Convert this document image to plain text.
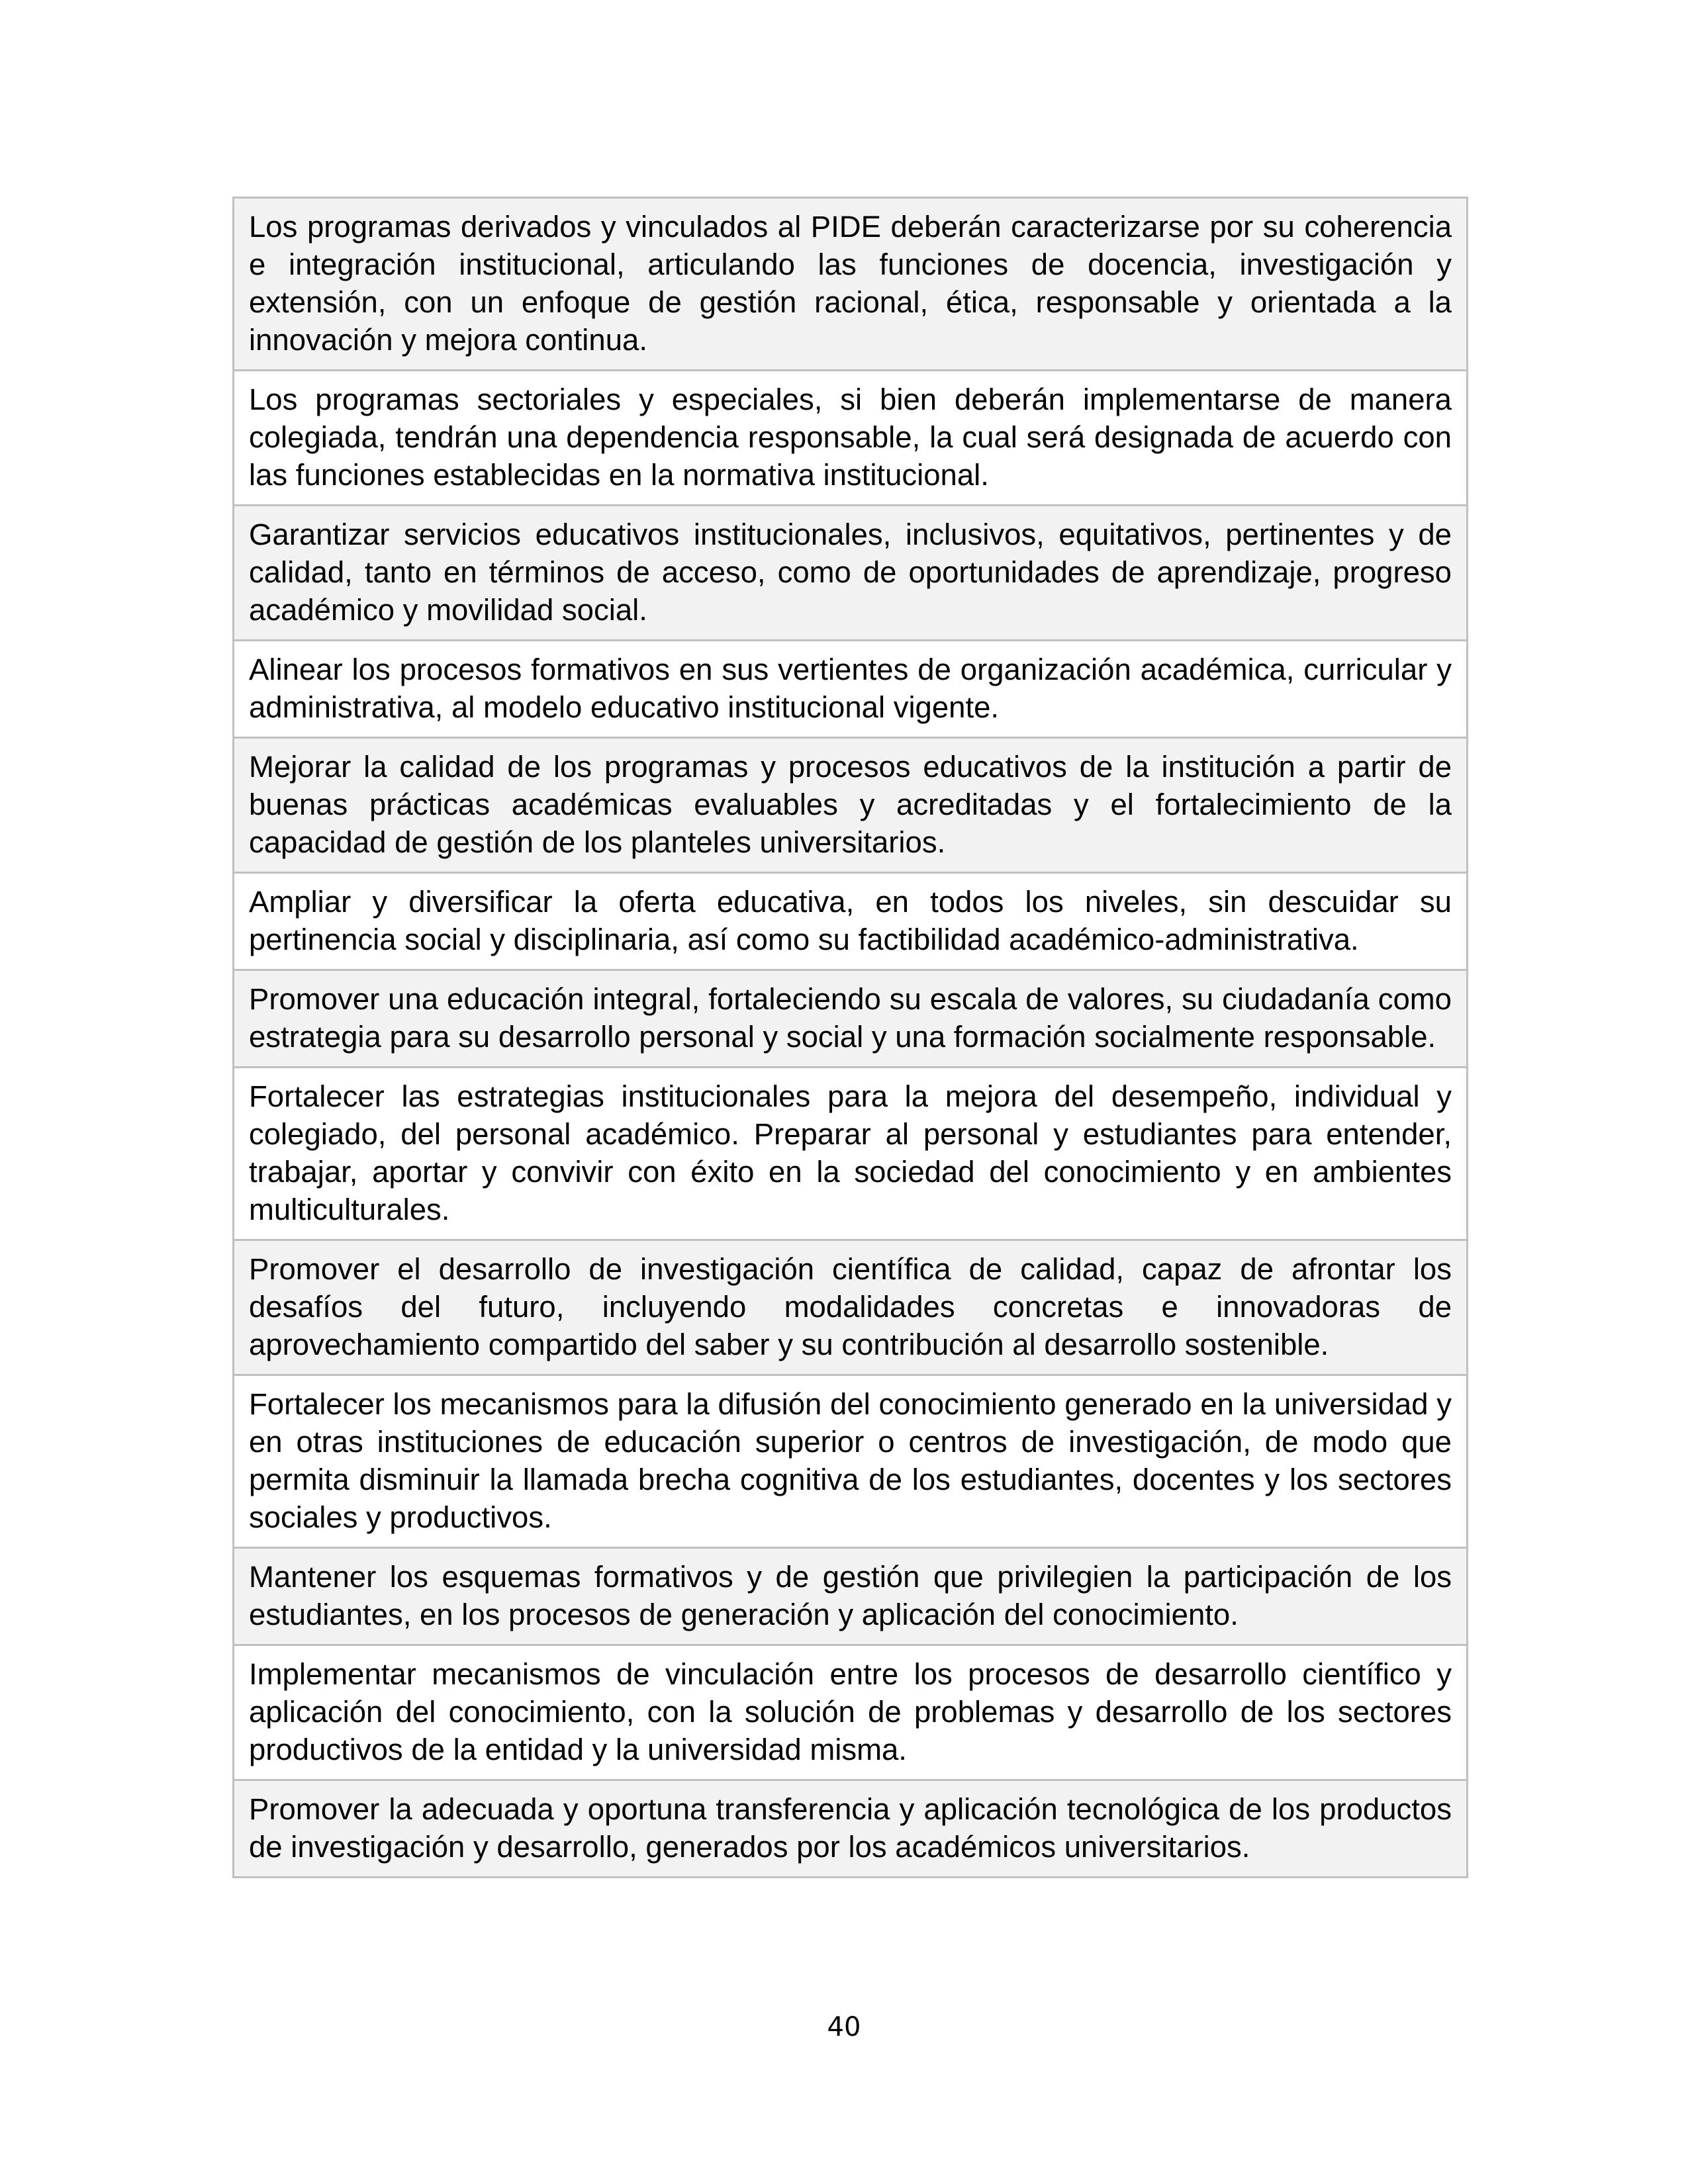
Los programas derivados y vinculados al PIDE deberán caracterizarse por su coherencia e integración institucional, articulando las funciones de docencia, investigación y extensión, con un enfoque de gestión racional, ética, responsable y orientada a la innovación y mejora continua.
Los programas sectoriales y especiales, si bien deberán implementarse de manera colegiada, tendrán una dependencia responsable, la cual será designada de acuerdo con las funciones establecidas en la normativa institucional.
Garantizar servicios educativos institucionales, inclusivos, equitativos, pertinentes y de calidad, tanto en términos de acceso, como de oportunidades de aprendizaje, progreso académico y movilidad social.
Alinear los procesos formativos en sus vertientes de organización académica, curricular y administrativa, al modelo educativo institucional vigente.
Mejorar la calidad de los programas y procesos educativos de la institución a partir de buenas prácticas académicas evaluables y acreditadas y el fortalecimiento de la capacidad de gestión de los planteles universitarios.
Ampliar y diversificar la oferta educativa, en todos los niveles, sin descuidar su pertinencia social y disciplinaria, así como su factibilidad académico-administrativa.
Promover una educación integral, fortaleciendo su escala de valores, su ciudadanía como estrategia para su desarrollo personal y social y una formación socialmente responsable.
Fortalecer las estrategias institucionales para la mejora del desempeño, individual y colegiado, del personal académico. Preparar al personal y estudiantes para entender, trabajar, aportar y convivir con éxito en la sociedad del conocimiento y en ambientes multiculturales.
Promover el desarrollo de investigación científica de calidad, capaz de afrontar los desafíos del futuro, incluyendo modalidades concretas e innovadoras de aprovechamiento compartido del saber y su contribución al desarrollo sostenible.
Fortalecer los mecanismos para la difusión del conocimiento generado en la universidad y en otras instituciones de educación superior o centros de investigación, de modo que permita disminuir la llamada brecha cognitiva de los estudiantes, docentes y los sectores sociales y productivos.
Mantener los esquemas formativos y de gestión que privilegien la participación de los estudiantes, en los procesos de generación y aplicación del conocimiento.
Implementar mecanismos de vinculación entre los procesos de desarrollo científico y aplicación del conocimiento, con la solución de problemas y desarrollo de los sectores productivos de la entidad y la universidad misma.
Promover la adecuada y oportuna transferencia y aplicación tecnológica de los productos de investigación y desarrollo, generados por los académicos universitarios.
40
